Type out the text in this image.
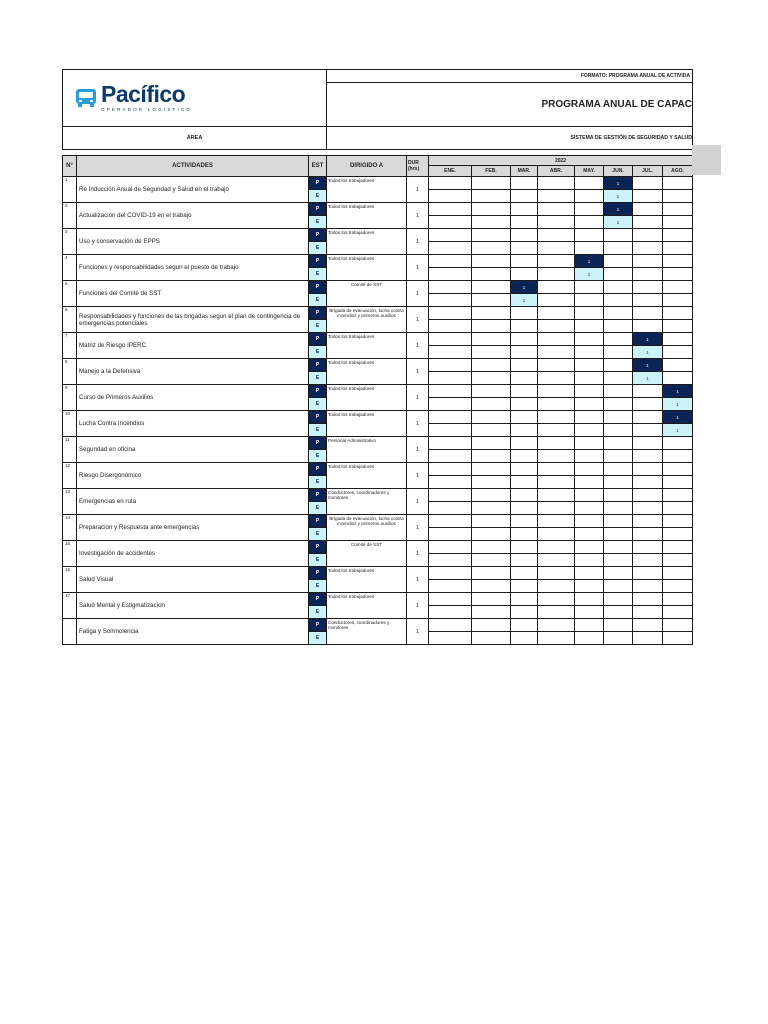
Pacífico
OPERADOR LOGÍSTICO	FORMATO: PROGRAMA ANUAL DE ACTIVIDA
	PROGRAMA ANUAL DE CAPAC
ÁREA	SISTEMA DE GESTIÓN DE SEGURIDAD Y SALUD

N°	ACTIVIDADES	EST	DIRIGIDO A	DUR (hrs)	2022							
					ENE.	FEB.	MAR.	ABR.	MAY.	JUN.	JUL.	AGO.
1	Re Inducción Anual de Seguridad y Salud en el trabajo	P	Todos los trabajadores	1						1		
		E								1		
2	Actualización del COVID-19 en el trabajo	P	Todos los trabajadores	1						1		
		E								1		
3	Uso y conservación de EPPS	P	Todos los trabajadores	1								
		E										
4	Funciones y responsabilidades segun el puesto de trabajo	P	Todos los trabajadores	1					1			
		E							1			
5	Funciones del Comité de SST	P	Comité de SST	1			1					
		E					1					
6	Responsabilidades y funciones de las brigadas segun el plan de contingencia de emergencias potenciales	P	Brigada de evacuación, lucha contra incendios y primeros auxilios	1								
		E										
7	Matriz de Riesgo IPERC	P	Todos los trabajadores	1							1	
		E									1	
8	Manejo a la Defensiva	P	Todos los trabajadores	1							1	
		E									1	
9	Curso de Primeros Auxilios	P	Todos los trabajadores	1								1
		E										1
10	Lucha Contra Incendios	P	Todos los trabajadores	1								1
		E										1
11	Seguridad en oficina	P	Personal Administrativo	1								
		E										
12	Riesgo Disergonómico	P	Todos los trabajadores	1								
		E										
13	Emergencias en ruta	P	Conductores, coordinadores y monitores	1								
		E										
14	Preparacion y Respuesta ante emergencias	P	Brigada de evacuación, lucha contra incendios y primeros auxilios	1								
		E										
15	Investigación de accidentes	P	Comité de SST	1								
		E										
16	Salud Visual	P	Todos los trabajadores	1								
		E										
17	Salud Mental y Estigmatizacion	P	Todos los trabajadores	1								
		E										
	Fatiga y Somnolencia	P	Conductores, coordinadores y monitores	1								
		E										
